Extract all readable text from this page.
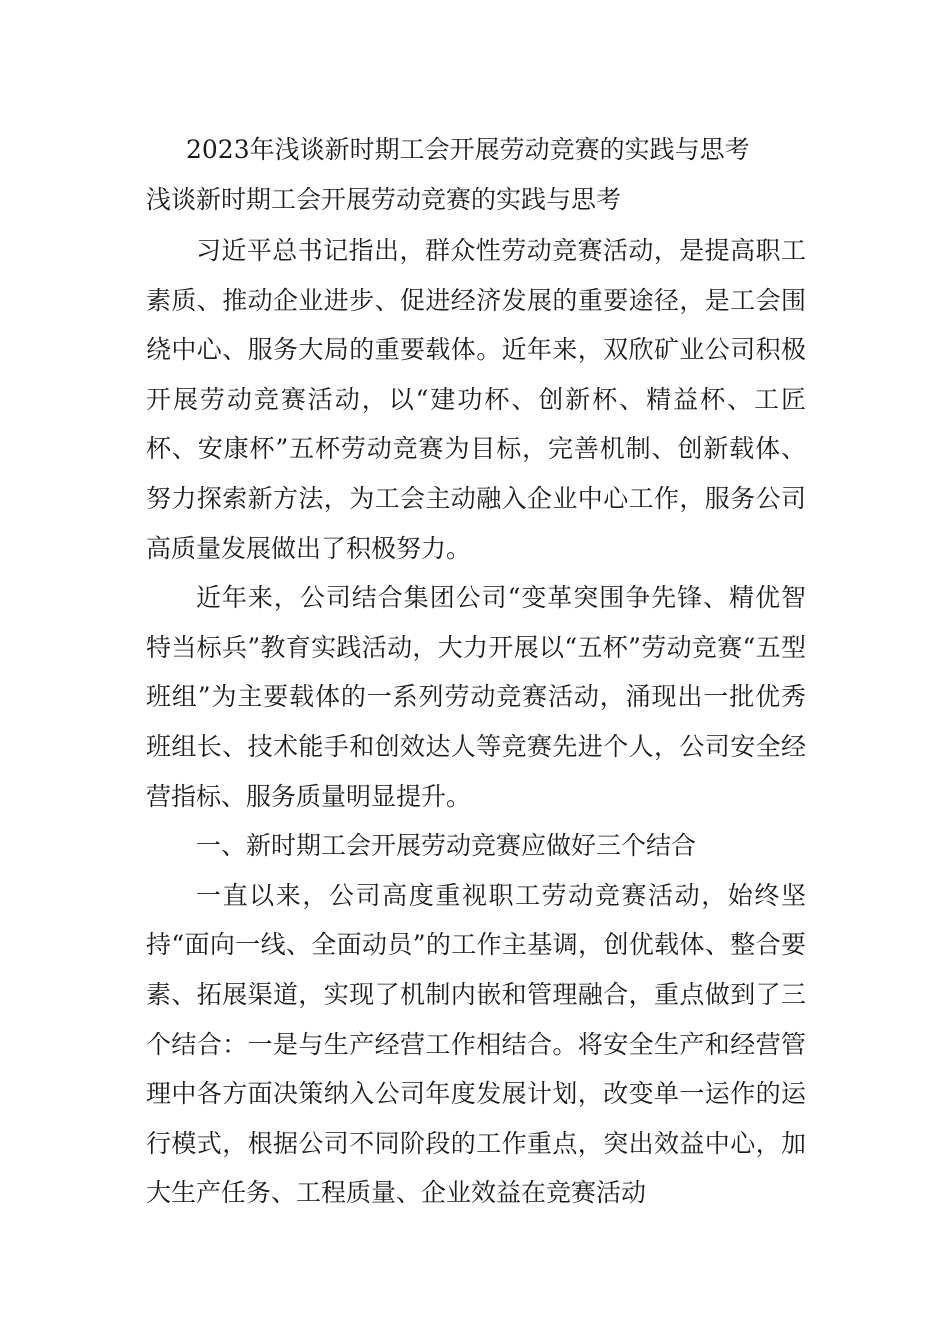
2023年浅谈新时期工会开展劳动竞赛的实践与思考
浅谈新时期工会开展劳动竞赛的实践与思考

习近平总书记指出，群众性劳动竞赛活动，是提高职工素质、推动企业进步、促进经济发展的重要途径，是工会围绕中心、服务大局的重要载体。近年来，双欣矿业公司积极开展劳动竞赛活动，以“建功杯、创新杯、精益杯、工匠杯、安康杯”五杯劳动竞赛为目标，完善机制、创新载体、努力探索新方法，为工会主动融入企业中心工作，服务公司高质量发展做出了积极努力。

近年来，公司结合集团公司“变革突围争先锋、精优智特当标兵”教育实践活动，大力开展以“五杯”劳动竞赛“五型班组”为主要载体的一系列劳动竞赛活动，涌现出一批优秀班组长、技术能手和创效达人等竞赛先进个人，公司安全经营指标、服务质量明显提升。

一、新时期工会开展劳动竞赛应做好三个结合

一直以来，公司高度重视职工劳动竞赛活动，始终坚持“面向一线、全面动员”的工作主基调，创优载体、整合要素、拓展渠道，实现了机制内嵌和管理融合，重点做到了三个结合：一是与生产经营工作相结合。将安全生产和经营管理中各方面决策纳入公司年度发展计划，改变单一运作的运行模式，根据公司不同阶段的工作重点，突出效益中心，加大生产任务、工程质量、企业效益在竞赛活动
